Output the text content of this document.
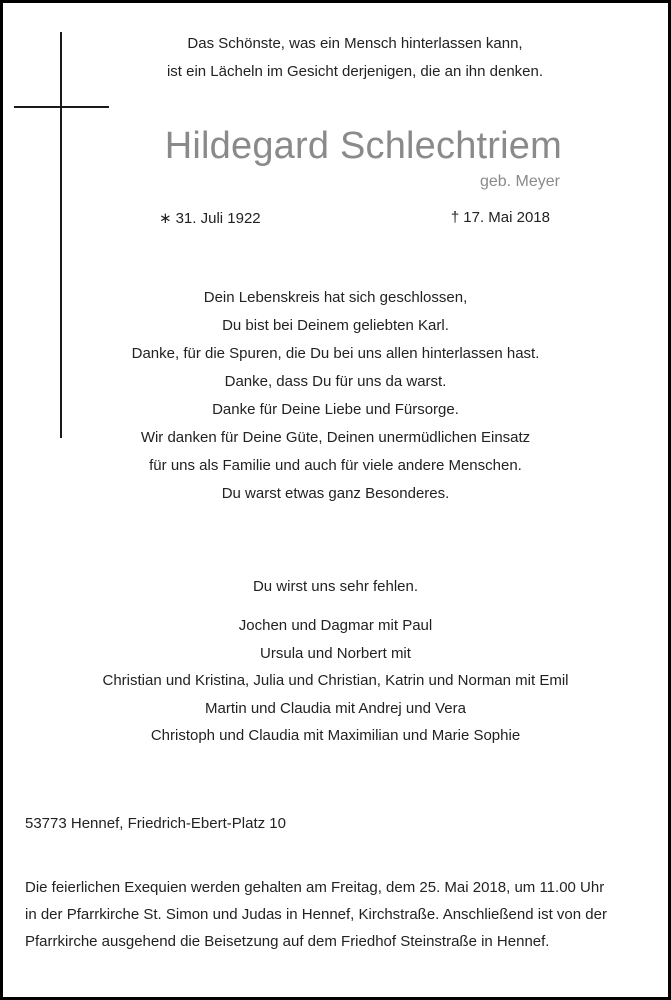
Das Schönste, was ein Mensch hinterlassen kann,
ist ein Lächeln im Gesicht derjenigen, die an ihn denken.
Hildegard Schlechtriem
geb. Meyer
∗ 31. Juli 1922	† 17. Mai 2018
Dein Lebenskreis hat sich geschlossen,
Du bist bei Deinem geliebten Karl.
Danke, für die Spuren, die Du bei uns allen hinterlassen hast.
Danke, dass Du für uns da warst.
Danke für Deine Liebe und Fürsorge.
Wir danken für Deine Güte, Deinen unermüdlichen Einsatz
für uns als Familie und auch für viele andere Menschen.
Du warst etwas ganz Besonderes.
Du wirst uns sehr fehlen.
Jochen und Dagmar mit Paul
Ursula und Norbert mit
Christian und Kristina, Julia und Christian, Katrin und Norman mit Emil
Martin und Claudia mit Andrej und Vera
Christoph und Claudia mit Maximilian und Marie Sophie
53773 Hennef, Friedrich-Ebert-Platz 10
Die feierlichen Exequien werden gehalten am Freitag, dem 25. Mai 2018, um 11.00 Uhr
in der Pfarrkirche St. Simon und Judas in Hennef, Kirchstraße. Anschließend ist von der
Pfarrkirche ausgehend die Beisetzung auf dem Friedhof Steinstraße in Hennef.
